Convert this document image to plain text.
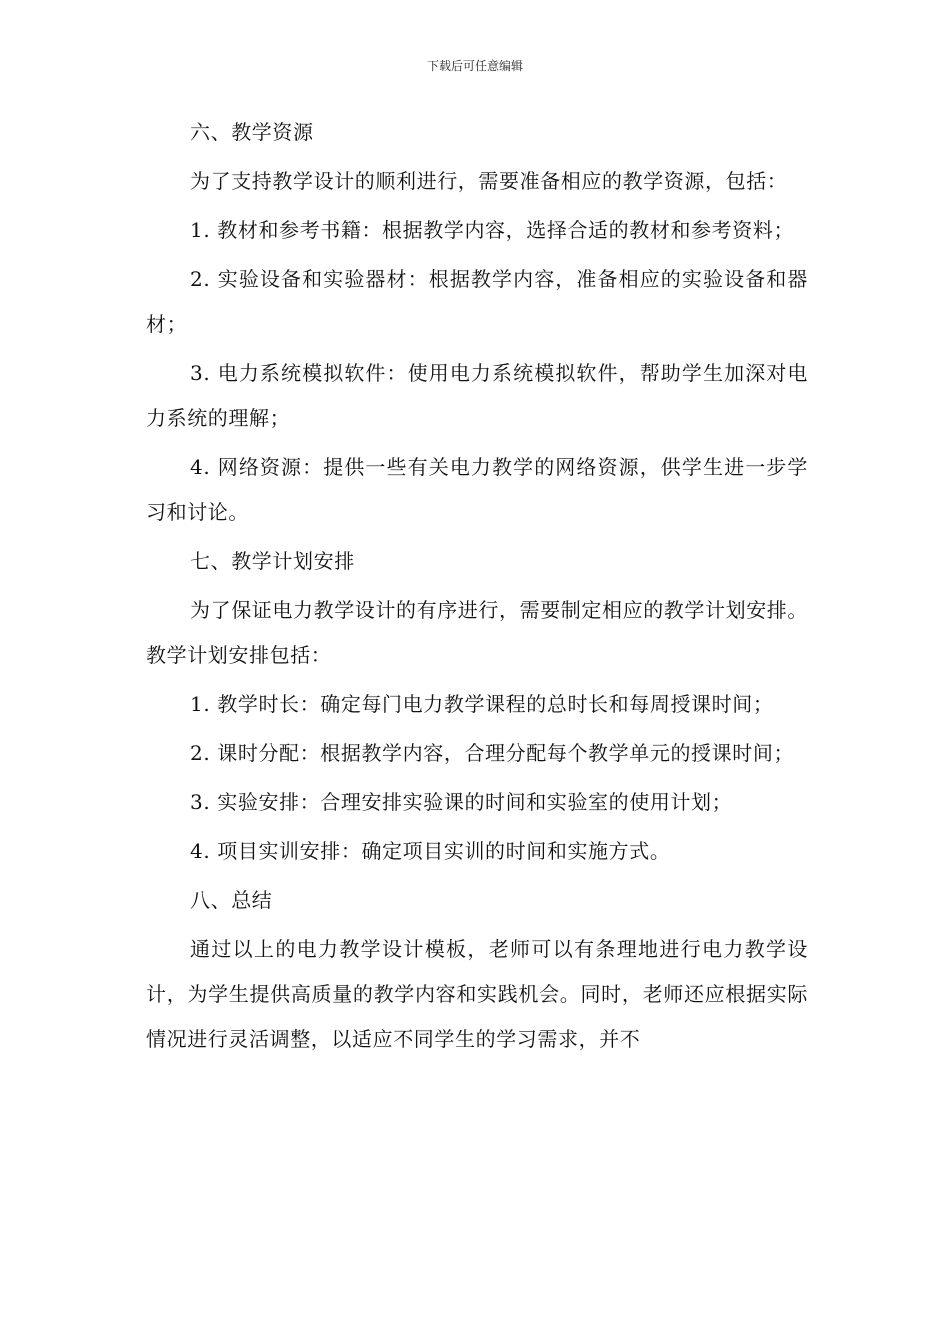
下载后可任意编辑

六、教学资源

为了支持教学设计的顺利进行，需要准备相应的教学资源，包括：

1. 教材和参考书籍：根据教学内容，选择合适的教材和参考资料；

2. 实验设备和实验器材：根据教学内容，准备相应的实验设备和器材；

3. 电力系统模拟软件：使用电力系统模拟软件，帮助学生加深对电力系统的理解；

4. 网络资源：提供一些有关电力教学的网络资源，供学生进一步学习和讨论。

七、教学计划安排

为了保证电力教学设计的有序进行，需要制定相应的教学计划安排。教学计划安排包括：

1. 教学时长：确定每门电力教学课程的总时长和每周授课时间；

2. 课时分配：根据教学内容，合理分配每个教学单元的授课时间；

3. 实验安排：合理安排实验课的时间和实验室的使用计划；

4. 项目实训安排：确定项目实训的时间和实施方式。

八、总结

通过以上的电力教学设计模板，老师可以有条理地进行电力教学设计，为学生提供高质量的教学内容和实践机会。同时，老师还应根据实际情况进行灵活调整，以适应不同学生的学习需求，并不
